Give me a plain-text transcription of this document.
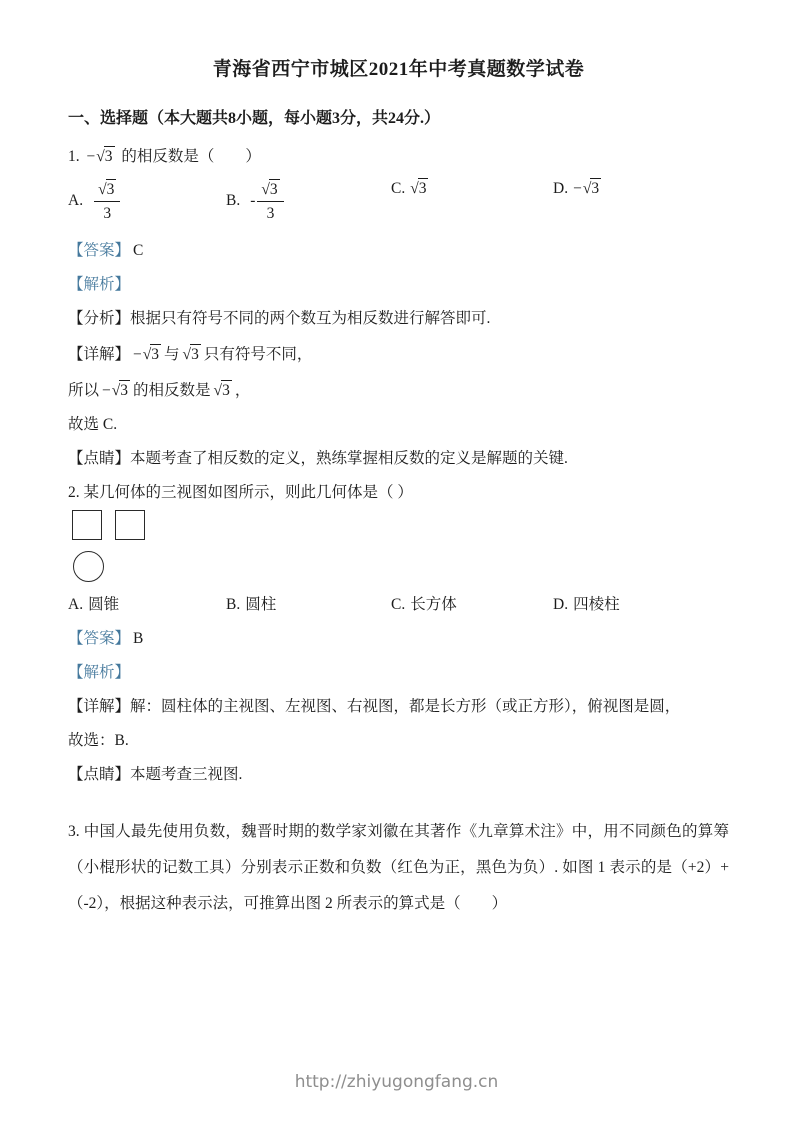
青海省西宁市城区2021年中考真题数学试卷
一、选择题（本大题共8小题，每小题3分，共24分.）
1. −√3 的相反数是（　　）
A. $\frac{√3}{3}$	B. - $\frac{√3}{3}$	C. √3	D. −√3
【答案】 C
【解析】
【分析】根据只有符号不同的两个数互为相反数进行解答即可.
【详解】 −√3 与 √3 只有符号不同，
所以 −√3 的相反数是 √3 ，
故选 C.
【点睛】本题考查了相反数的定义，熟练掌握相反数的定义是解题的关键.
2. 某几何体的三视图如图所示，则此几何体是（ ）
A. 圆锥	B. 圆柱	C. 长方体	D. 四棱柱
【答案】 B
【解析】
【详解】解：圆柱体的主视图、左视图、右视图，都是长方形（或正方形），俯视图是圆，
故选：B.
【点睛】本题考查三视图.
3. 中国人最先使用负数，魏晋时期的数学家刘徽在其著作《九章算术注》中，用不同颜色的算筹（小棍形状的记数工具）分别表示正数和负数（红色为正，黑色为负）. 如图 1 表示的是（+2）+（-2），根据这种表示法，可推算出图 2 所表示的算式是（　　）
http://zhiyugongfang.cn
